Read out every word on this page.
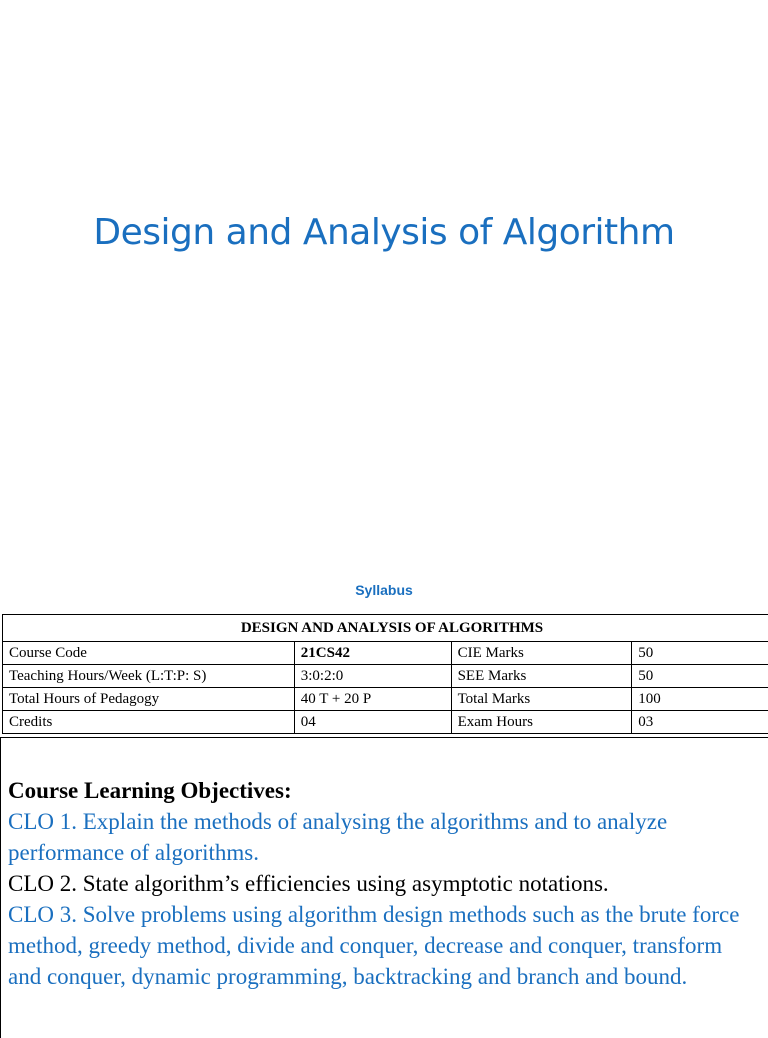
Design and Analysis of Algorithm
Syllabus
DESIGN AND ANALYSIS OF ALGORITHMS			
Course Code	21CS42	CIE Marks	50
Teaching Hours/Week (L:T:P: S)	3:0:2:0	SEE Marks	50
Total Hours of Pedagogy	40 T + 20 P	Total Marks	100
Credits	04	Exam Hours	03
Course Learning Objectives:
CLO 1. Explain the methods of analysing the algorithms and to analyze performance of algorithms.
CLO 2. State algorithm’s efficiencies using asymptotic notations.
CLO 3. Solve problems using algorithm design methods such as the brute force method, greedy method, divide and conquer, decrease and conquer, transform and conquer, dynamic programming, backtracking and branch and bound.
